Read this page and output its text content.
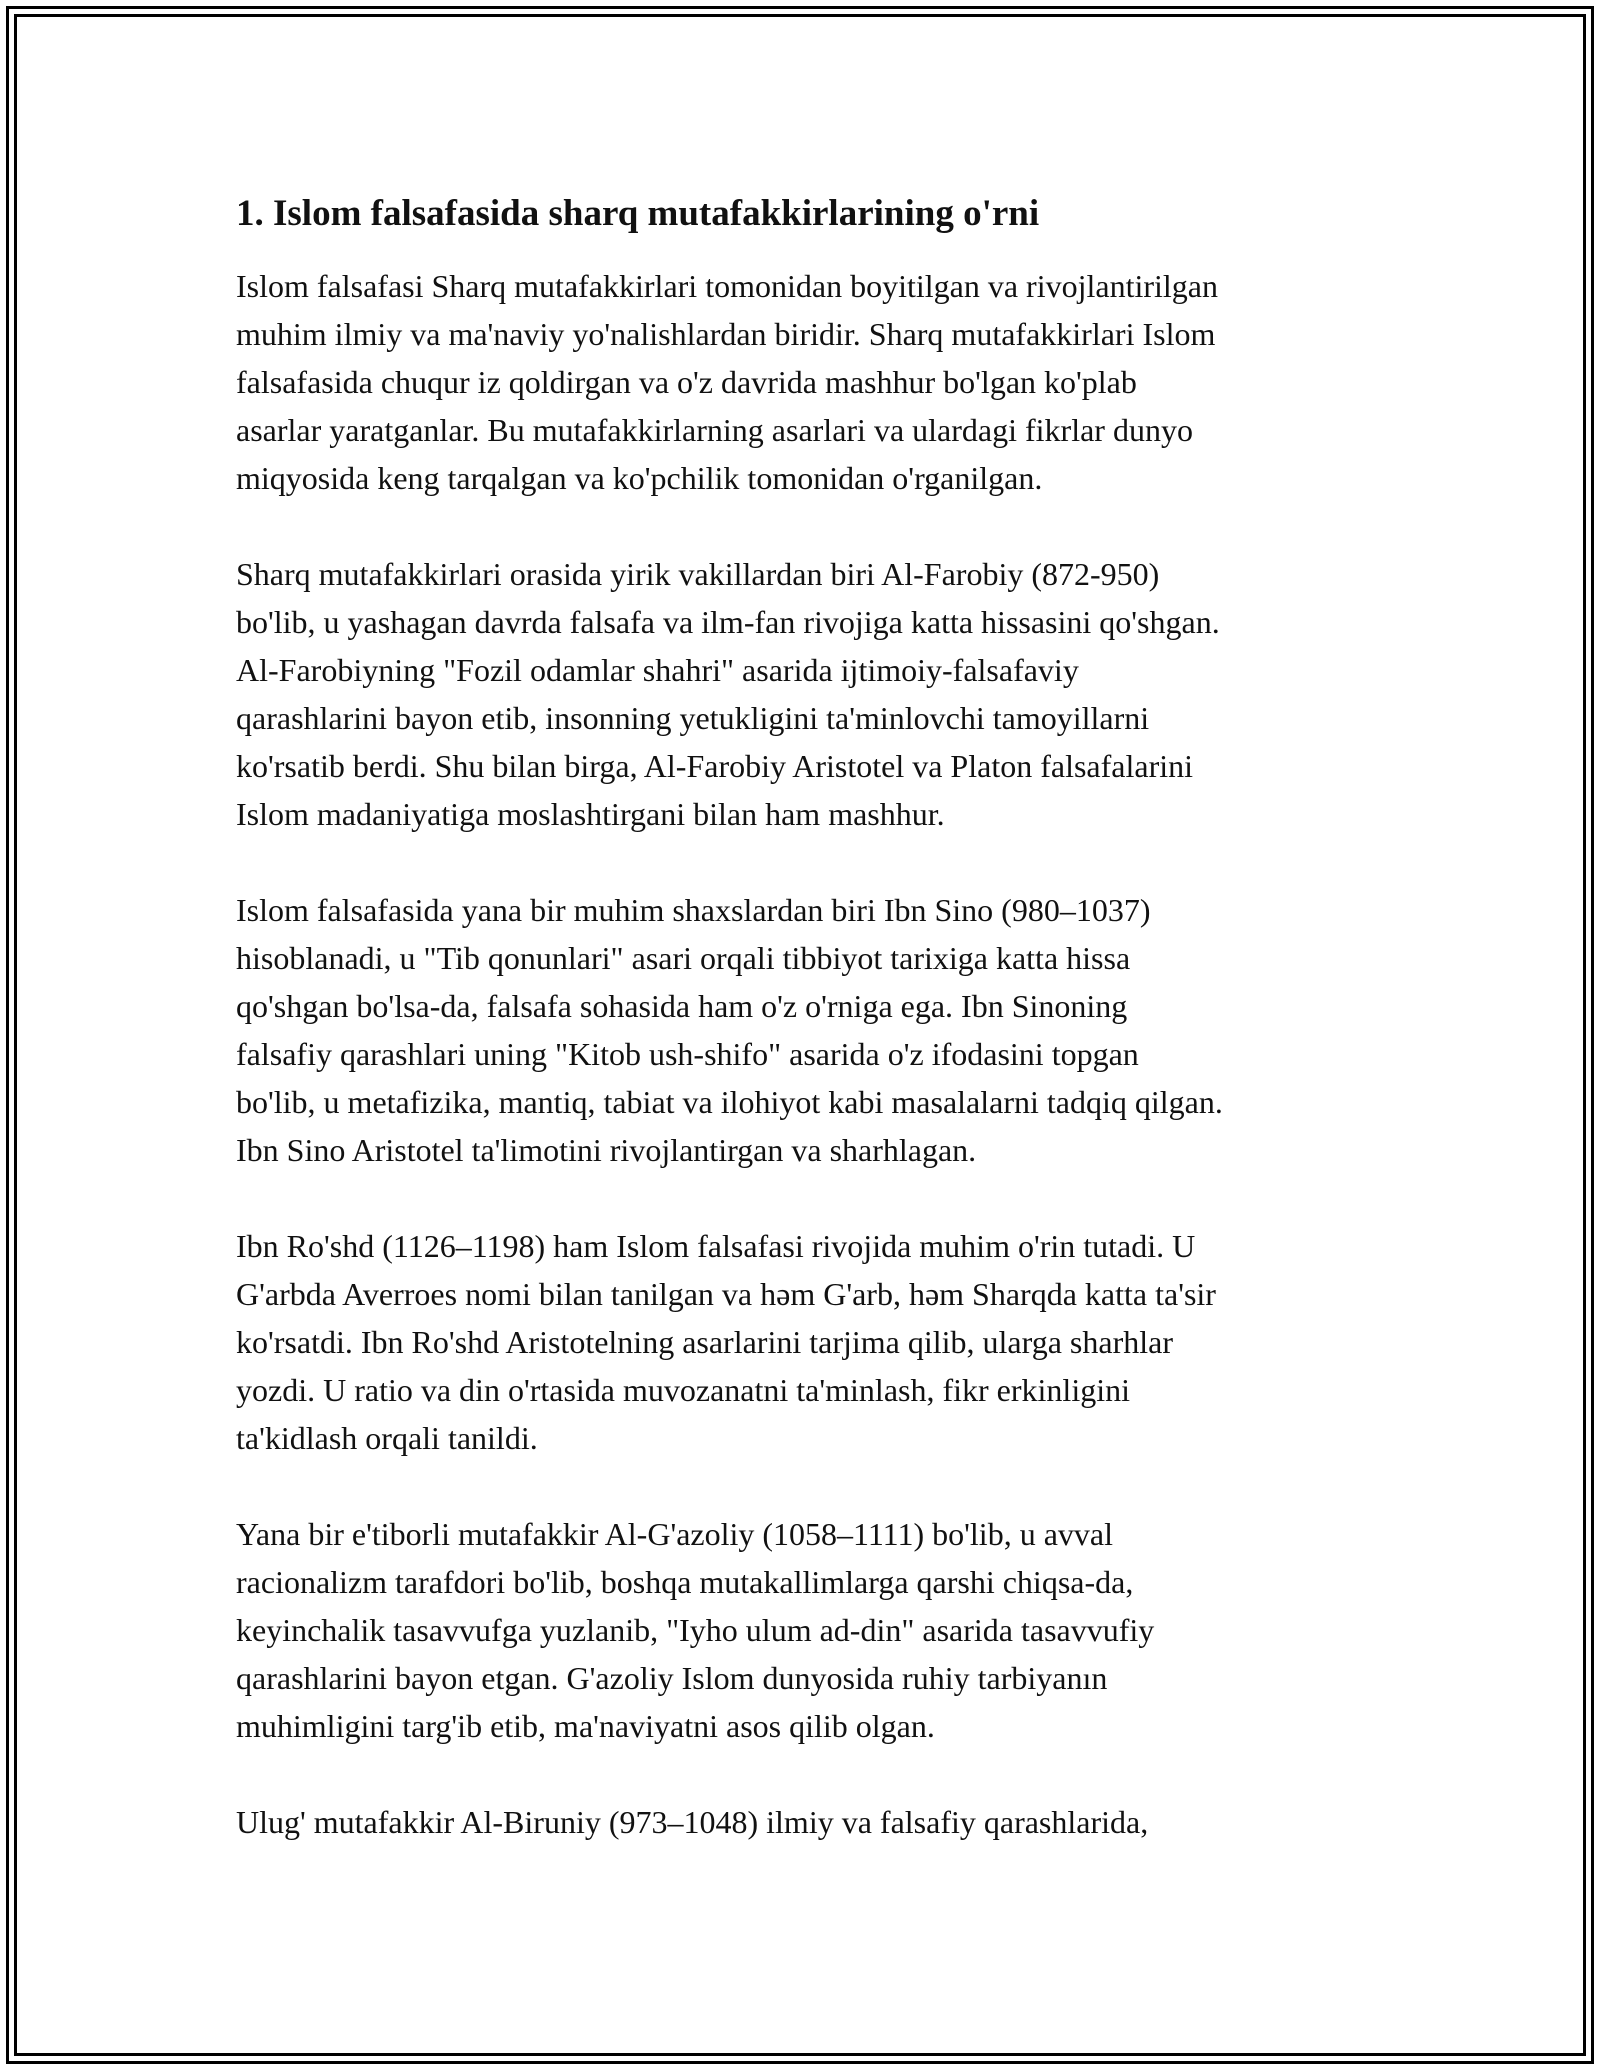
1. Islom falsafasida sharq mutafakkirlarining o'rni

Islom falsafasi Sharq mutafakkirlari tomonidan boyitilgan va rivojlantirilgan
muhim ilmiy va ma'naviy yo'nalishlardan biridir. Sharq mutafakkirlari Islom
falsafasida chuqur iz qoldirgan va o'z davrida mashhur bo'lgan ko'plab
asarlar yaratganlar. Bu mutafakkirlarning asarlari va ulardagi fikrlar dunyo
miqyosida keng tarqalgan va ko'pchilik tomonidan o'rganilgan.

Sharq mutafakkirlari orasida yirik vakillardan biri Al-Farobiy (872-950)
bo'lib, u yashagan davrda falsafa va ilm-fan rivojiga katta hissasini qo'shgan.
Al-Farobiyning "Fozil odamlar shahri" asarida ijtimoiy-falsafaviy
qarashlarini bayon etib, insonning yetukligini ta'minlovchi tamoyillarni
ko'rsatib berdi. Shu bilan birga, Al-Farobiy Aristotel va Platon falsafalarini
Islom madaniyatiga moslashtirgani bilan ham mashhur.

Islom falsafasida yana bir muhim shaxslardan biri Ibn Sino (980–1037)
hisoblanadi, u "Tib qonunlari" asari orqali tibbiyot tarixiga katta hissa
qo'shgan bo'lsa-da, falsafa sohasida ham o'z o'rniga ega. Ibn Sinoning
falsafiy qarashlari uning "Kitob ush-shifo" asarida o'z ifodasini topgan
bo'lib, u metafizika, mantiq, tabiat va ilohiyot kabi masalalarni tadqiq qilgan.
Ibn Sino Aristotel ta'limotini rivojlantirgan va sharhlagan.

Ibn Ro'shd (1126–1198) ham Islom falsafasi rivojida muhim o'rin tutadi. U
G'arbda Averroes nomi bilan tanilgan va həm G'arb, həm Sharqda katta ta'sir
ko'rsatdi. Ibn Ro'shd Aristotelning asarlarini tarjima qilib, ularga sharhlar
yozdi. U ratio va din o'rtasida muvozanatni ta'minlash, fikr erkinligini
ta'kidlash orqali tanildi.

Yana bir e'tiborli mutafakkir Al-G'azoliy (1058–1111) bo'lib, u avval
racionalizm tarafdori bo'lib, boshqa mutakallimlarga qarshi chiqsa-da,
keyinchalik tasavvufga yuzlanib, "Iyho ulum ad-din" asarida tasavvufiy
qarashlarini bayon etgan. G'azoliy Islom dunyosida ruhiy tarbiyanın
muhimligini targ'ib etib, ma'naviyatni asos qilib olgan.

Ulug' mutafakkir Al-Biruniy (973–1048) ilmiy va falsafiy qarashlarida,
